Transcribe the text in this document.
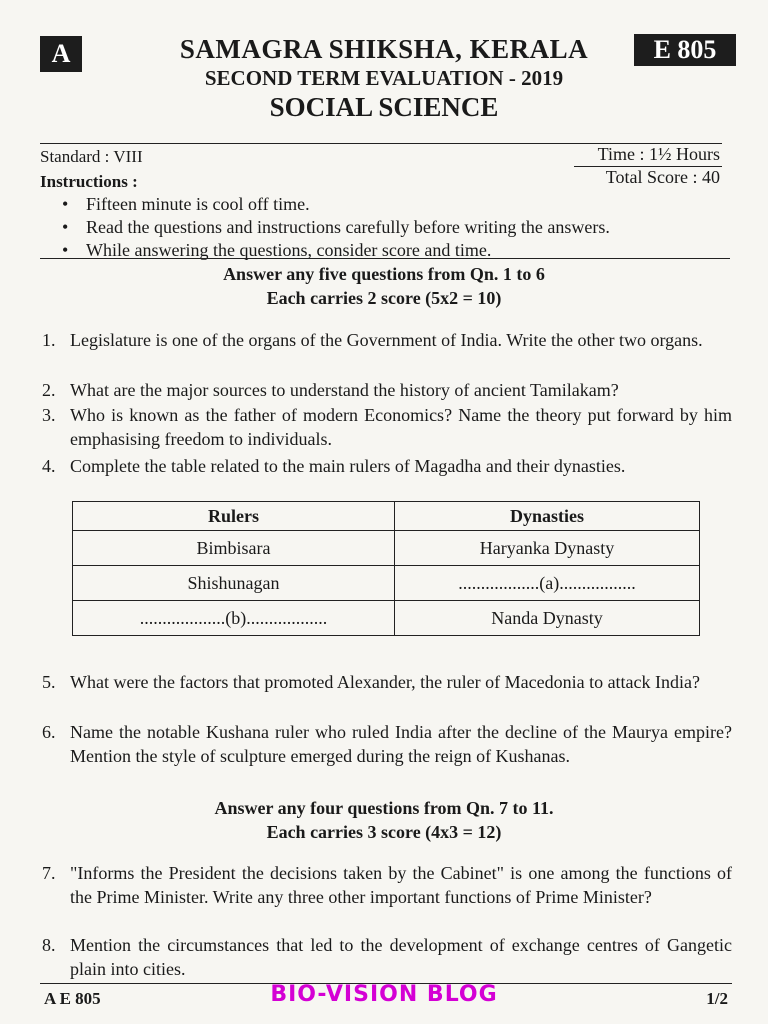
A	SAMAGRA SHIKSHA, KERALA	E 805
SECOND TERM EVALUATION - 2019
SOCIAL SCIENCE
Standard : VIII	Time : 1½ Hours
Instructions :	Total Score : 40
• Fifteen minute is cool off time.
• Read the questions and instructions carefully before writing the answers.
• While answering the questions, consider score and time.
Answer any five questions from Qn. 1 to 6
Each carries 2 score (5x2 = 10)
1. Legislature is one of the organs of the Government of India. Write the other two organs.
2. What are the major sources to understand the history of ancient Tamilakam?
3. Who is known as the father of modern Economics? Name the theory put forward by him emphasising freedom to individuals.
4. Complete the table related to the main rulers of Magadha and their dynasties.
Rulers	Dynasties
Bimbisara	Haryanka Dynasty
Shishunagan	..................(a).................
...................(b)..................	Nanda Dynasty
5. What were the factors that promoted Alexander, the ruler of Macedonia to attack India?
6. Name the notable Kushana ruler who ruled India after the decline of the Maurya empire? Mention the style of sculpture emerged during the reign of Kushanas.
Answer any four questions from Qn. 7 to 11.
Each carries 3 score (4x3 = 12)
7. "Informs the President the decisions taken by the Cabinet" is one among the functions of the Prime Minister. Write any three other important functions of Prime Minister?
8. Mention the circumstances that led to the development of exchange centres of Gangetic plain into cities.
A E 805	BIO-VISION BLOG	1/2
